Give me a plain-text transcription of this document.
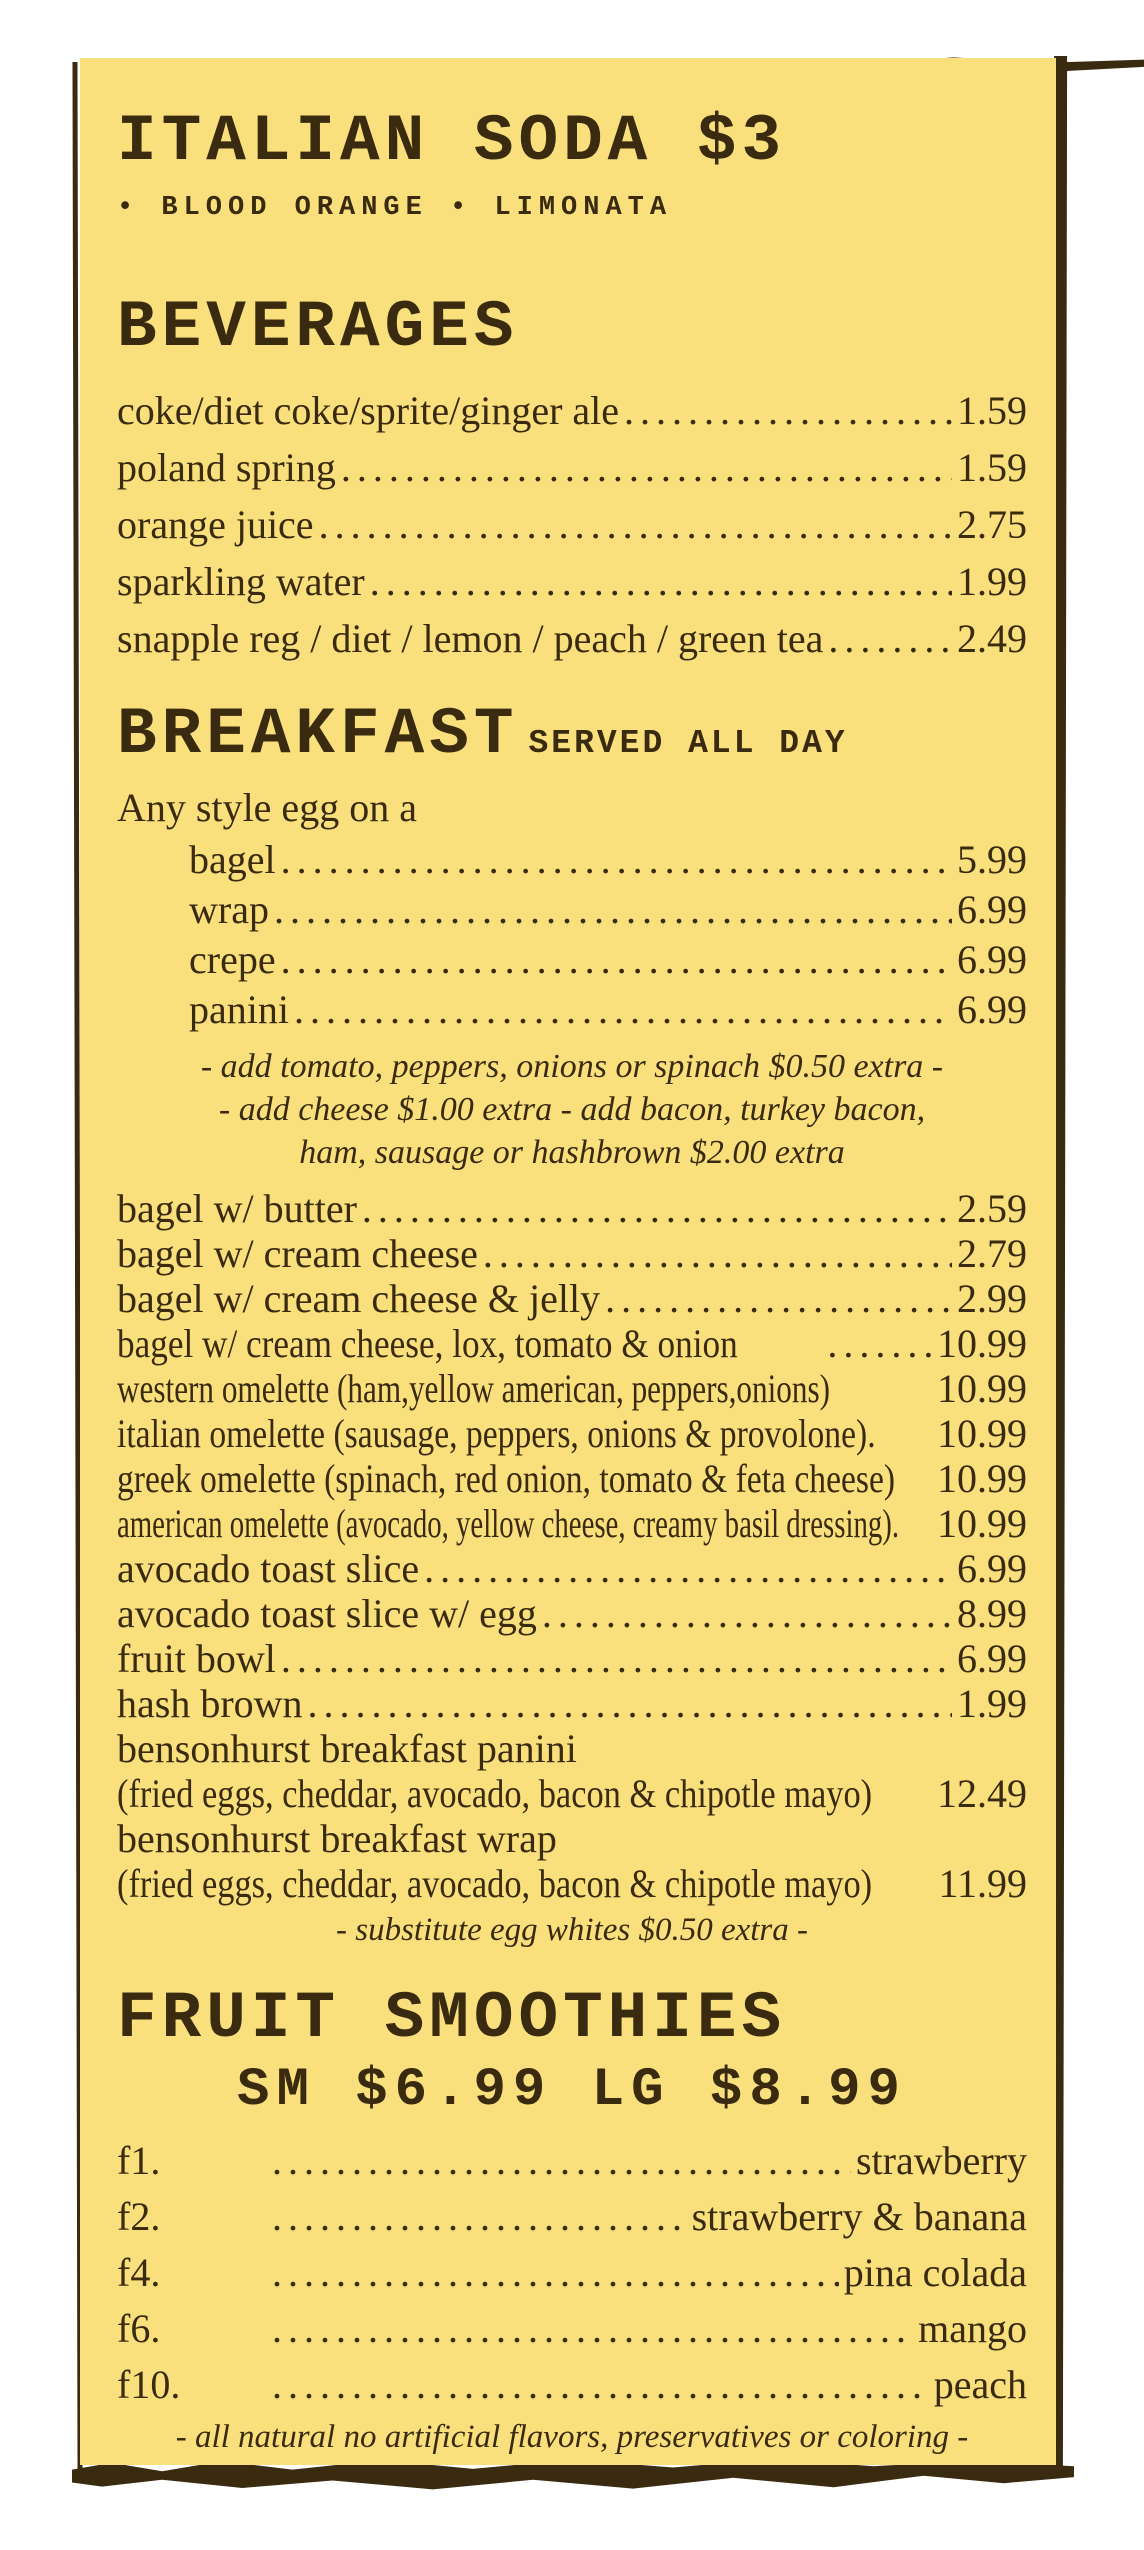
ITALIAN SODA $3
• BLOOD ORANGE • LIMONATA
BEVERAGES
coke/diet coke/sprite/ginger ale .....	1.59
poland spring .....	1.59
orange juice .....	2.75
sparkling water .....	1.99
snapple reg / diet / lemon / peach / green tea .....	2.49
BREAKFAST SERVED ALL DAY
Any style egg on a
bagel .....	5.99
wrap .....	6.99
crepe .....	6.99
panini .....	6.99
- add tomato, peppers, onions or spinach $0.50 extra -
- add cheese $1.00 extra - add bacon, turkey bacon,
ham, sausage or hashbrown $2.00 extra
bagel w/ butter .....	2.59
bagel w/ cream cheese .....	2.79
bagel w/ cream cheese & jelly .....	2.99
bagel w/ cream cheese, lox, tomato & onion .....	10.99
western omelette (ham,yellow american, peppers,onions)	10.99
italian omelette (sausage, peppers, onions & provolone).	10.99
greek omelette (spinach, red onion, tomato & feta cheese)	10.99
american omelette (avocado, yellow cheese, creamy basil dressing). 10.99
avocado toast slice .....	6.99
avocado toast slice w/ egg .....	8.99
fruit bowl .....	6.99
hash brown .....	1.99
bensonhurst breakfast panini
(fried eggs, cheddar, avocado, bacon & chipotle mayo)	12.49
bensonhurst breakfast wrap
(fried eggs, cheddar, avocado, bacon & chipotle mayo)	11.99
- substitute egg whites $0.50 extra -
FRUIT SMOOTHIES
SM $6.99 LG $8.99
f1. .....	strawberry
f2. .....	strawberry & banana
f4. .....	pina colada
f6. .....	mango
f10. .....	peach
- all natural no artificial flavors, preservatives or coloring -
